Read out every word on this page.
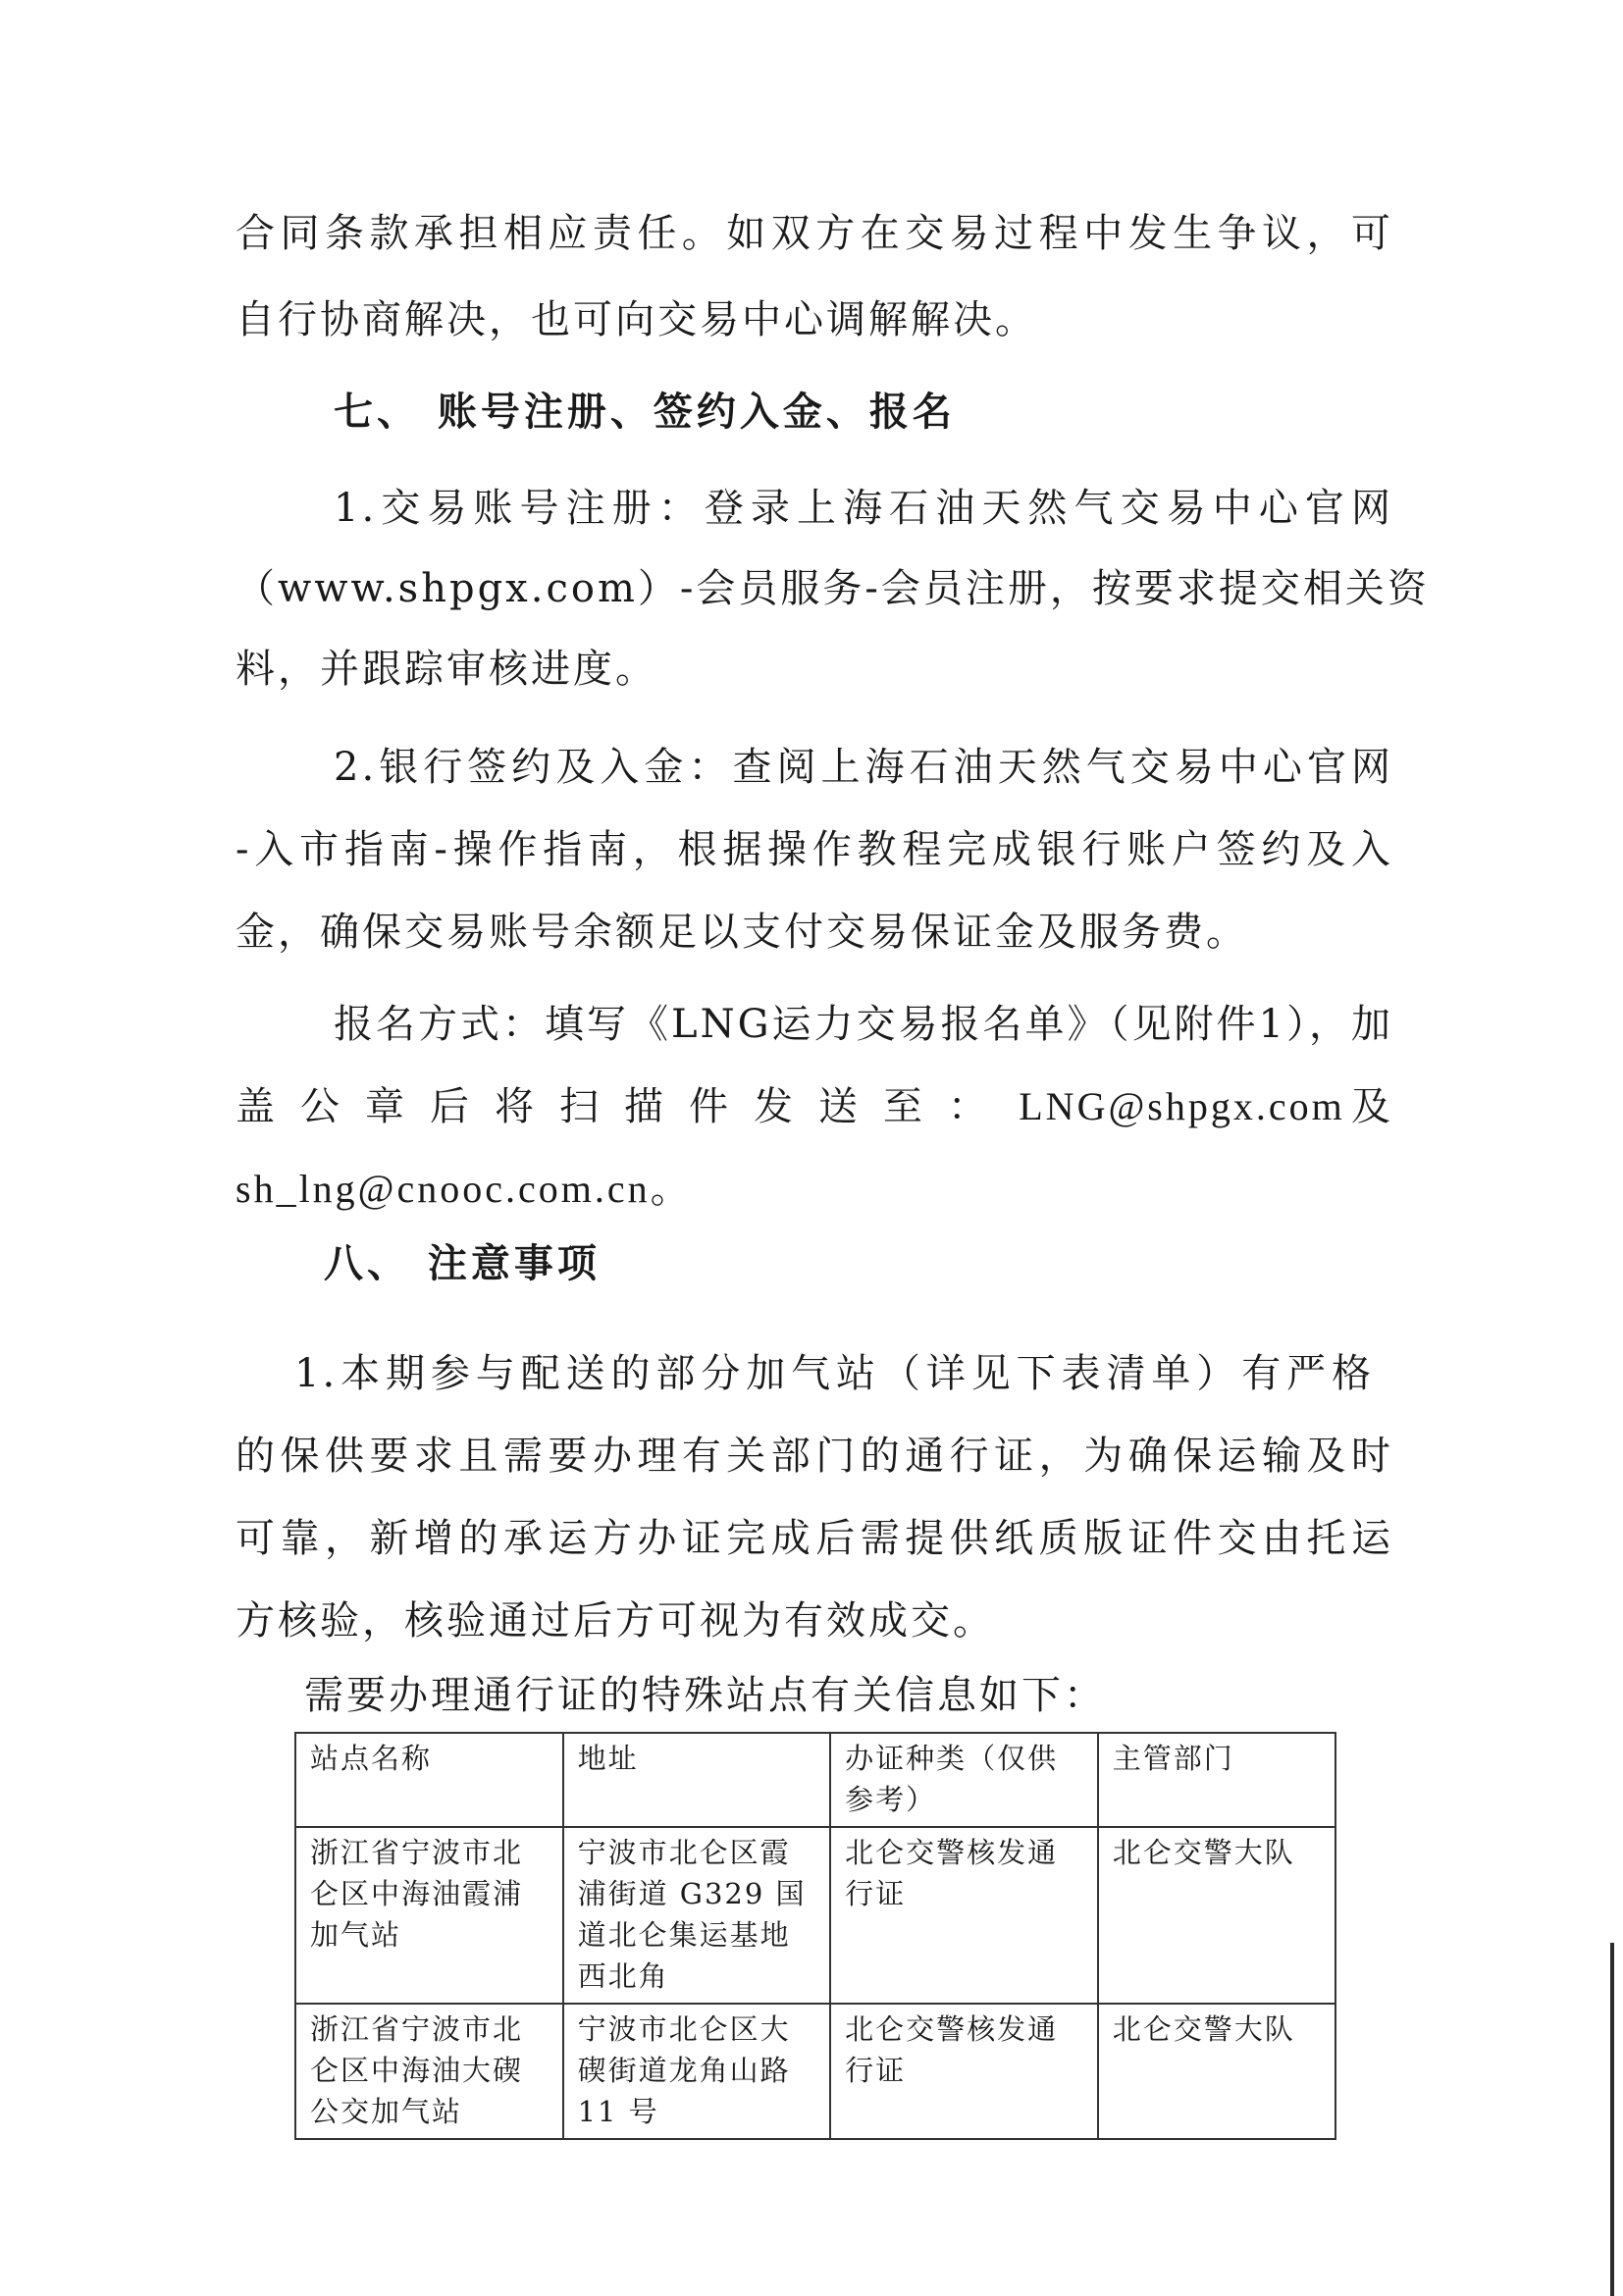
合同条款承担相应责任。如双方在交易过程中发生争议，可
自行协商解决，也可向交易中心调解解决。
七、 账号注册、签约入金、报名
1.交易账号注册：登录上海石油天然气交易中心官网
（www.shpgx.com）-会员服务-会员注册，按要求提交相关资
料，并跟踪审核进度。
2.银行签约及入金：查阅上海石油天然气交易中心官网
-入市指南-操作指南，根据操作教程完成银行账户签约及入
金，确保交易账号余额足以支付交易保证金及服务费。
报名方式：填写《LNG运力交易报名单》（见附件1），加
盖公章后将扫描件发送至： LNG@shpgx.com 及
sh_lng@cnooc.com.cn。
八、 注意事项
1.本期参与配送的部分加气站（详见下表清单）有严格
的保供要求且需要办理有关部门的通行证，为确保运输及时
可靠，新增的承运方办证完成后需提供纸质版证件交由托运
方核验，核验通过后方可视为有效成交。
需要办理通行证的特殊站点有关信息如下：
站点名称	地址	办证种类（仅供参考）	主管部门
浙江省宁波市北仑区中海油霞浦加气站	宁波市北仑区霞浦街道 G329 国道北仑集运基地西北角	北仑交警核发通行证	北仑交警大队
浙江省宁波市北仑区中海油大碶公交加气站	宁波市北仑区大碶街道龙角山路 11 号	北仑交警核发通行证	北仑交警大队
